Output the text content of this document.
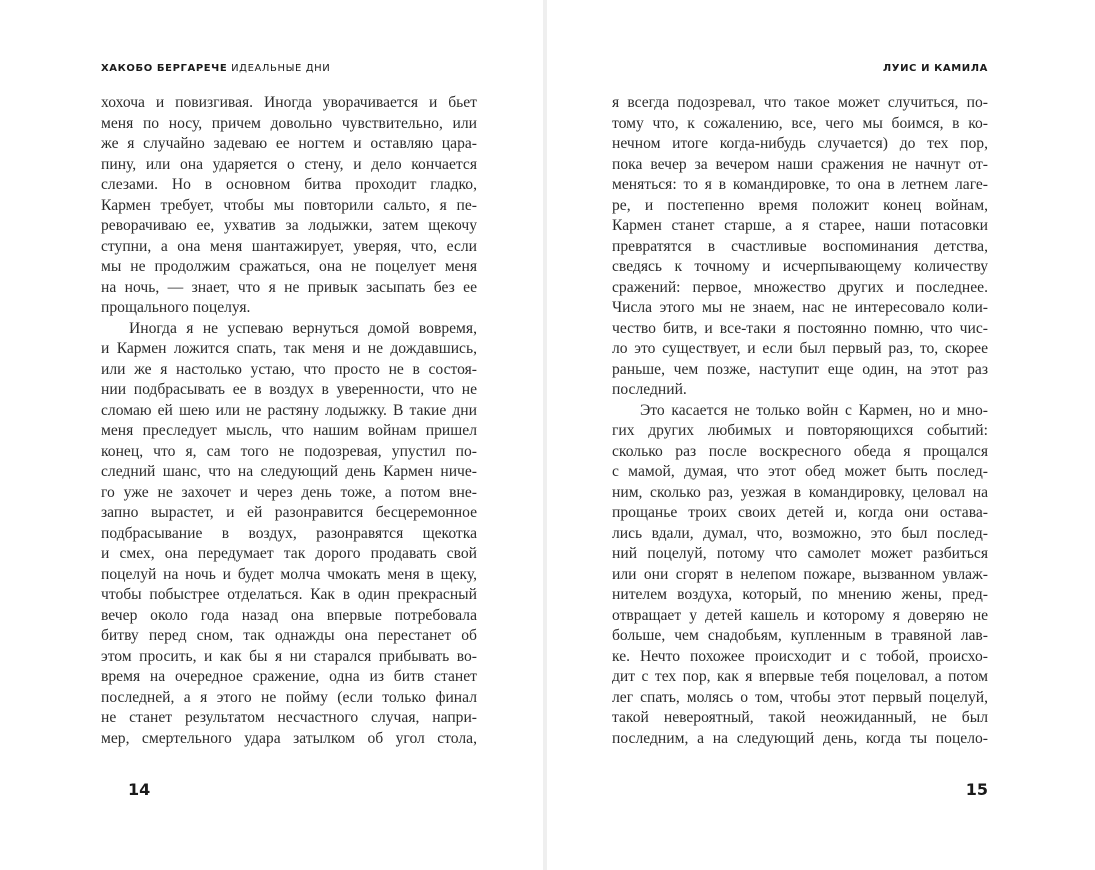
ХАКОБО БЕРГАРЕЧЕ ИДЕАЛЬНЫЕ ДНИ
хохоча и повизгивая. Иногда уворачивается и бьет
меня по носу, причем довольно чувствительно, или
же я случайно задеваю ее ногтем и оставляю цара-
пину, или она ударяется о стену, и дело кончается
слезами. Но в основном битва проходит гладко,
Кармен требует, чтобы мы повторили сальто, я пе-
реворачиваю ее, ухватив за лодыжки, затем щекочу
ступни, а она меня шантажирует, уверяя, что, если
мы не продолжим сражаться, она не поцелует меня
на ночь, — знает, что я не привык засыпать без ее
прощального поцелуя.
Иногда я не успеваю вернуться домой вовремя,
и Кармен ложится спать, так меня и не дождавшись,
или же я настолько устаю, что просто не в состоя-
нии подбрасывать ее в воздух в уверенности, что не
сломаю ей шею или не растяну лодыжку. В такие дни
меня преследует мысль, что нашим войнам пришел
конец, что я, сам того не подозревая, упустил по-
следний шанс, что на следующий день Кармен ниче-
го уже не захочет и через день тоже, а потом вне-
запно вырастет, и ей разонравится бесцеремонное
подбрасывание в воздух, разонравятся щекотка
и смех, она передумает так дорого продавать свой
поцелуй на ночь и будет молча чмокать меня в щеку,
чтобы побыстрее отделаться. Как в один прекрасный
вечер около года назад она впервые потребовала
битву перед сном, так однажды она перестанет об
этом просить, и как бы я ни старался прибывать во-
время на очередное сражение, одна из битв станет
последней, а я этого не пойму (если только финал
не станет результатом несчастного случая, напри-
мер, смертельного удара затылком об угол стола,
14
ЛУИС И КАМИЛА
я всегда подозревал, что такое может случиться, по-
тому что, к сожалению, все, чего мы боимся, в ко-
нечном итоге когда-нибудь случается) до тех пор,
пока вечер за вечером наши сражения не начнут от-
меняться: то я в командировке, то она в летнем лаге-
ре, и постепенно время положит конец войнам,
Кармен станет старше, а я старее, наши потасовки
превратятся в счастливые воспоминания детства,
сведясь к точному и исчерпывающему количеству
сражений: первое, множество других и последнее.
Числа этого мы не знаем, нас не интересовало коли-
чество битв, и все-таки я постоянно помню, что чис-
ло это существует, и если был первый раз, то, скорее
раньше, чем позже, наступит еще один, на этот раз
последний.
Это касается не только войн с Кармен, но и мно-
гих других любимых и повторяющихся событий:
сколько раз после воскресного обеда я прощался
с мамой, думая, что этот обед может быть послед-
ним, сколько раз, уезжая в командировку, целовал на
прощанье троих своих детей и, когда они остава-
лись вдали, думал, что, возможно, это был послед-
ний поцелуй, потому что самолет может разбиться
или они сгорят в нелепом пожаре, вызванном увлаж-
нителем воздуха, который, по мнению жены, пред-
отвращает у детей кашель и которому я доверяю не
больше, чем снадобьям, купленным в травяной лав-
ке. Нечто похожее происходит и с тобой, происхо-
дит с тех пор, как я впервые тебя поцеловал, а потом
лег спать, молясь о том, чтобы этот первый поцелуй,
такой невероятный, такой неожиданный, не был
последним, а на следующий день, когда ты поцело-
15
